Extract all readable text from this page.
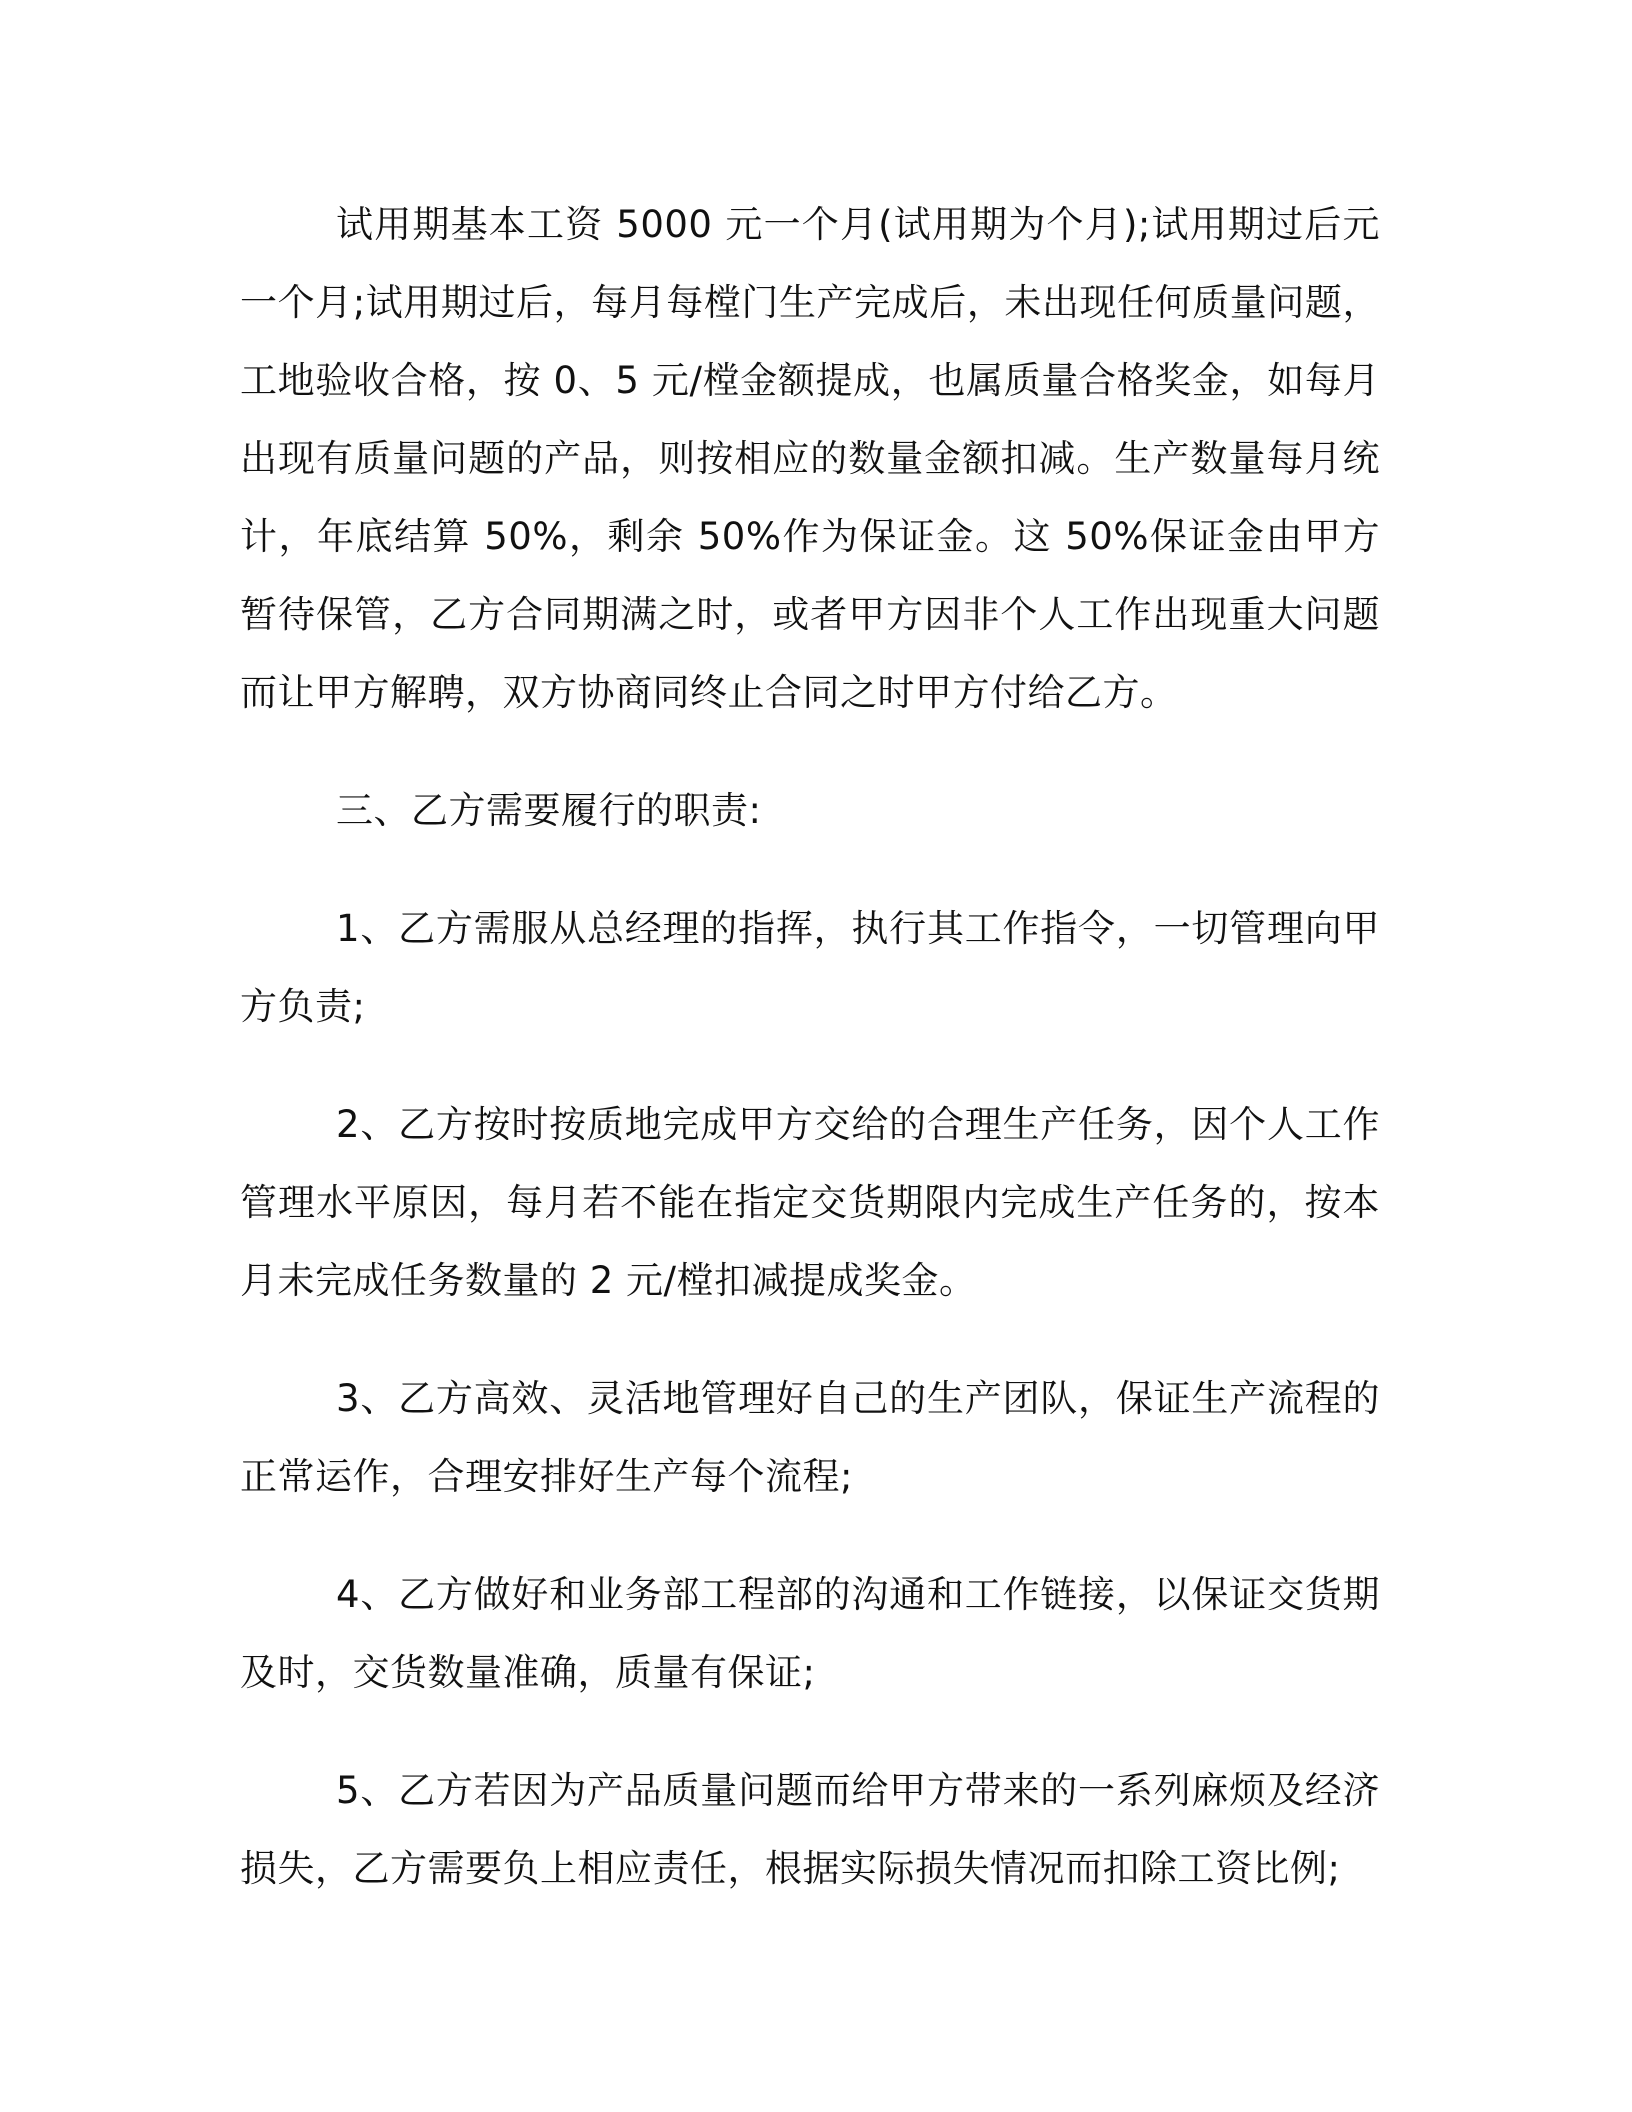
试用期基本工资 5000 元一个月(试用期为个月);试用期过后元一个月;试用期过后，每月每樘门生产完成后，未出现任何质量问题，工地验收合格，按 0、5 元/樘金额提成，也属质量合格奖金，如每月出现有质量问题的产品，则按相应的数量金额扣减。生产数量每月统计，年底结算 50%，剩余 50%作为保证金。这 50%保证金由甲方暂待保管，乙方合同期满之时，或者甲方因非个人工作出现重大问题而让甲方解聘，双方协商同终止合同之时甲方付给乙方。

三、乙方需要履行的职责:

1、乙方需服从总经理的指挥，执行其工作指令，一切管理向甲方负责;

2、乙方按时按质地完成甲方交给的合理生产任务，因个人工作管理水平原因，每月若不能在指定交货期限内完成生产任务的，按本月未完成任务数量的 2 元/樘扣减提成奖金。

3、乙方高效、灵活地管理好自己的生产团队，保证生产流程的正常运作，合理安排好生产每个流程;

4、乙方做好和业务部工程部的沟通和工作链接，以保证交货期及时，交货数量准确，质量有保证;

5、乙方若因为产品质量问题而给甲方带来的一系列麻烦及经济损失，乙方需要负上相应责任，根据实际损失情况而扣除工资比例;
